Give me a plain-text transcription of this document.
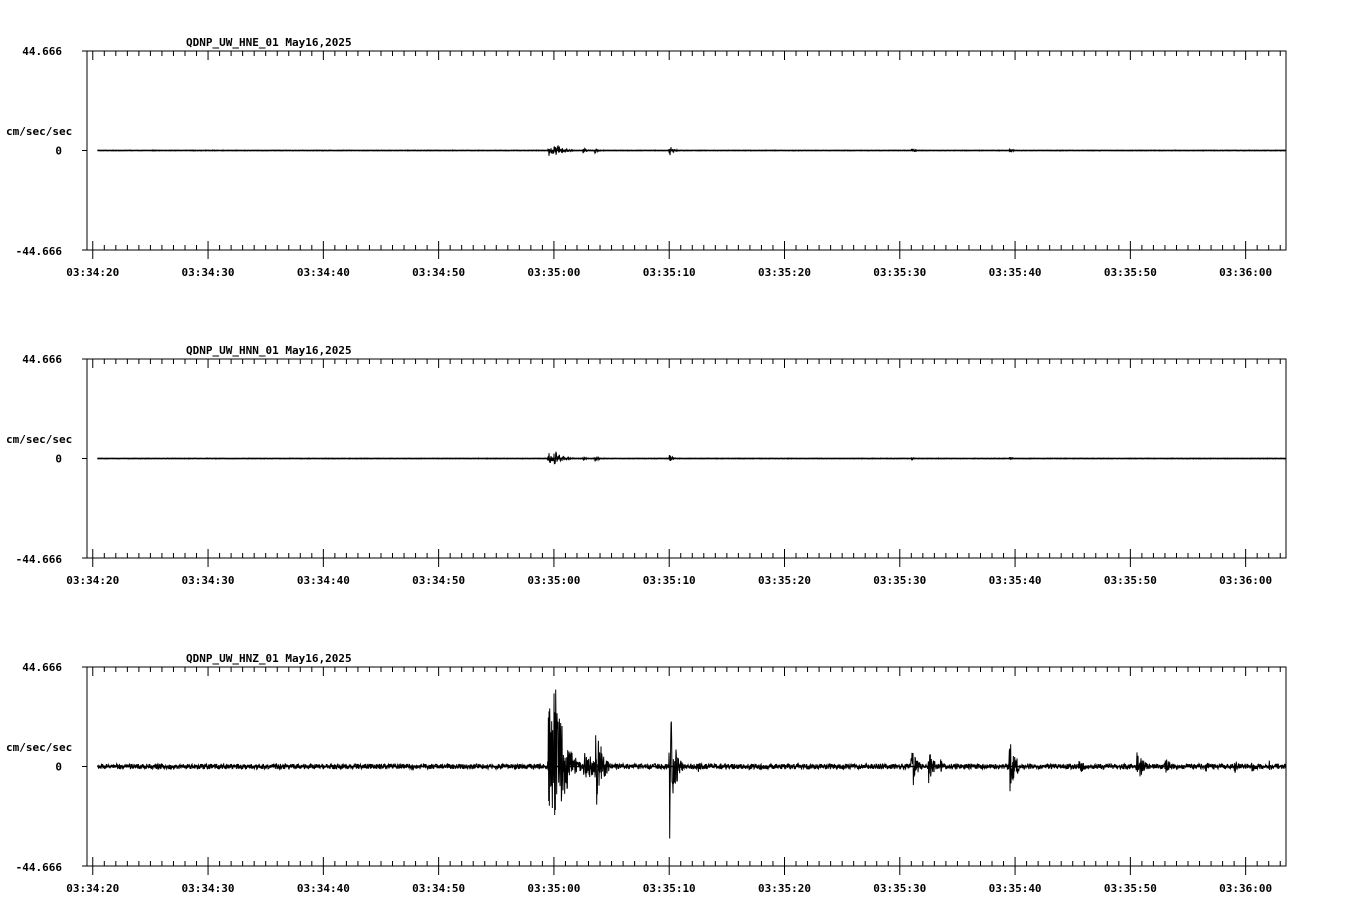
QDNP_UW_HNE_01 May16,2025
44.666
0
-44.666
cm/sec/sec
03:34:20	03:34:30	03:34:40	03:34:50	03:35:00	03:35:10	03:35:20	03:35:30	03:35:40	03:35:50	03:36:00
QDNP_UW_HNN_01 May16,2025
44.666
0
-44.666
cm/sec/sec
03:34:20	03:34:30	03:34:40	03:34:50	03:35:00	03:35:10	03:35:20	03:35:30	03:35:40	03:35:50	03:36:00
QDNP_UW_HNZ_01 May16,2025
44.666
0
-44.666
cm/sec/sec
03:34:20	03:34:30	03:34:40	03:34:50	03:35:00	03:35:10	03:35:20	03:35:30	03:35:40	03:35:50	03:36:00
